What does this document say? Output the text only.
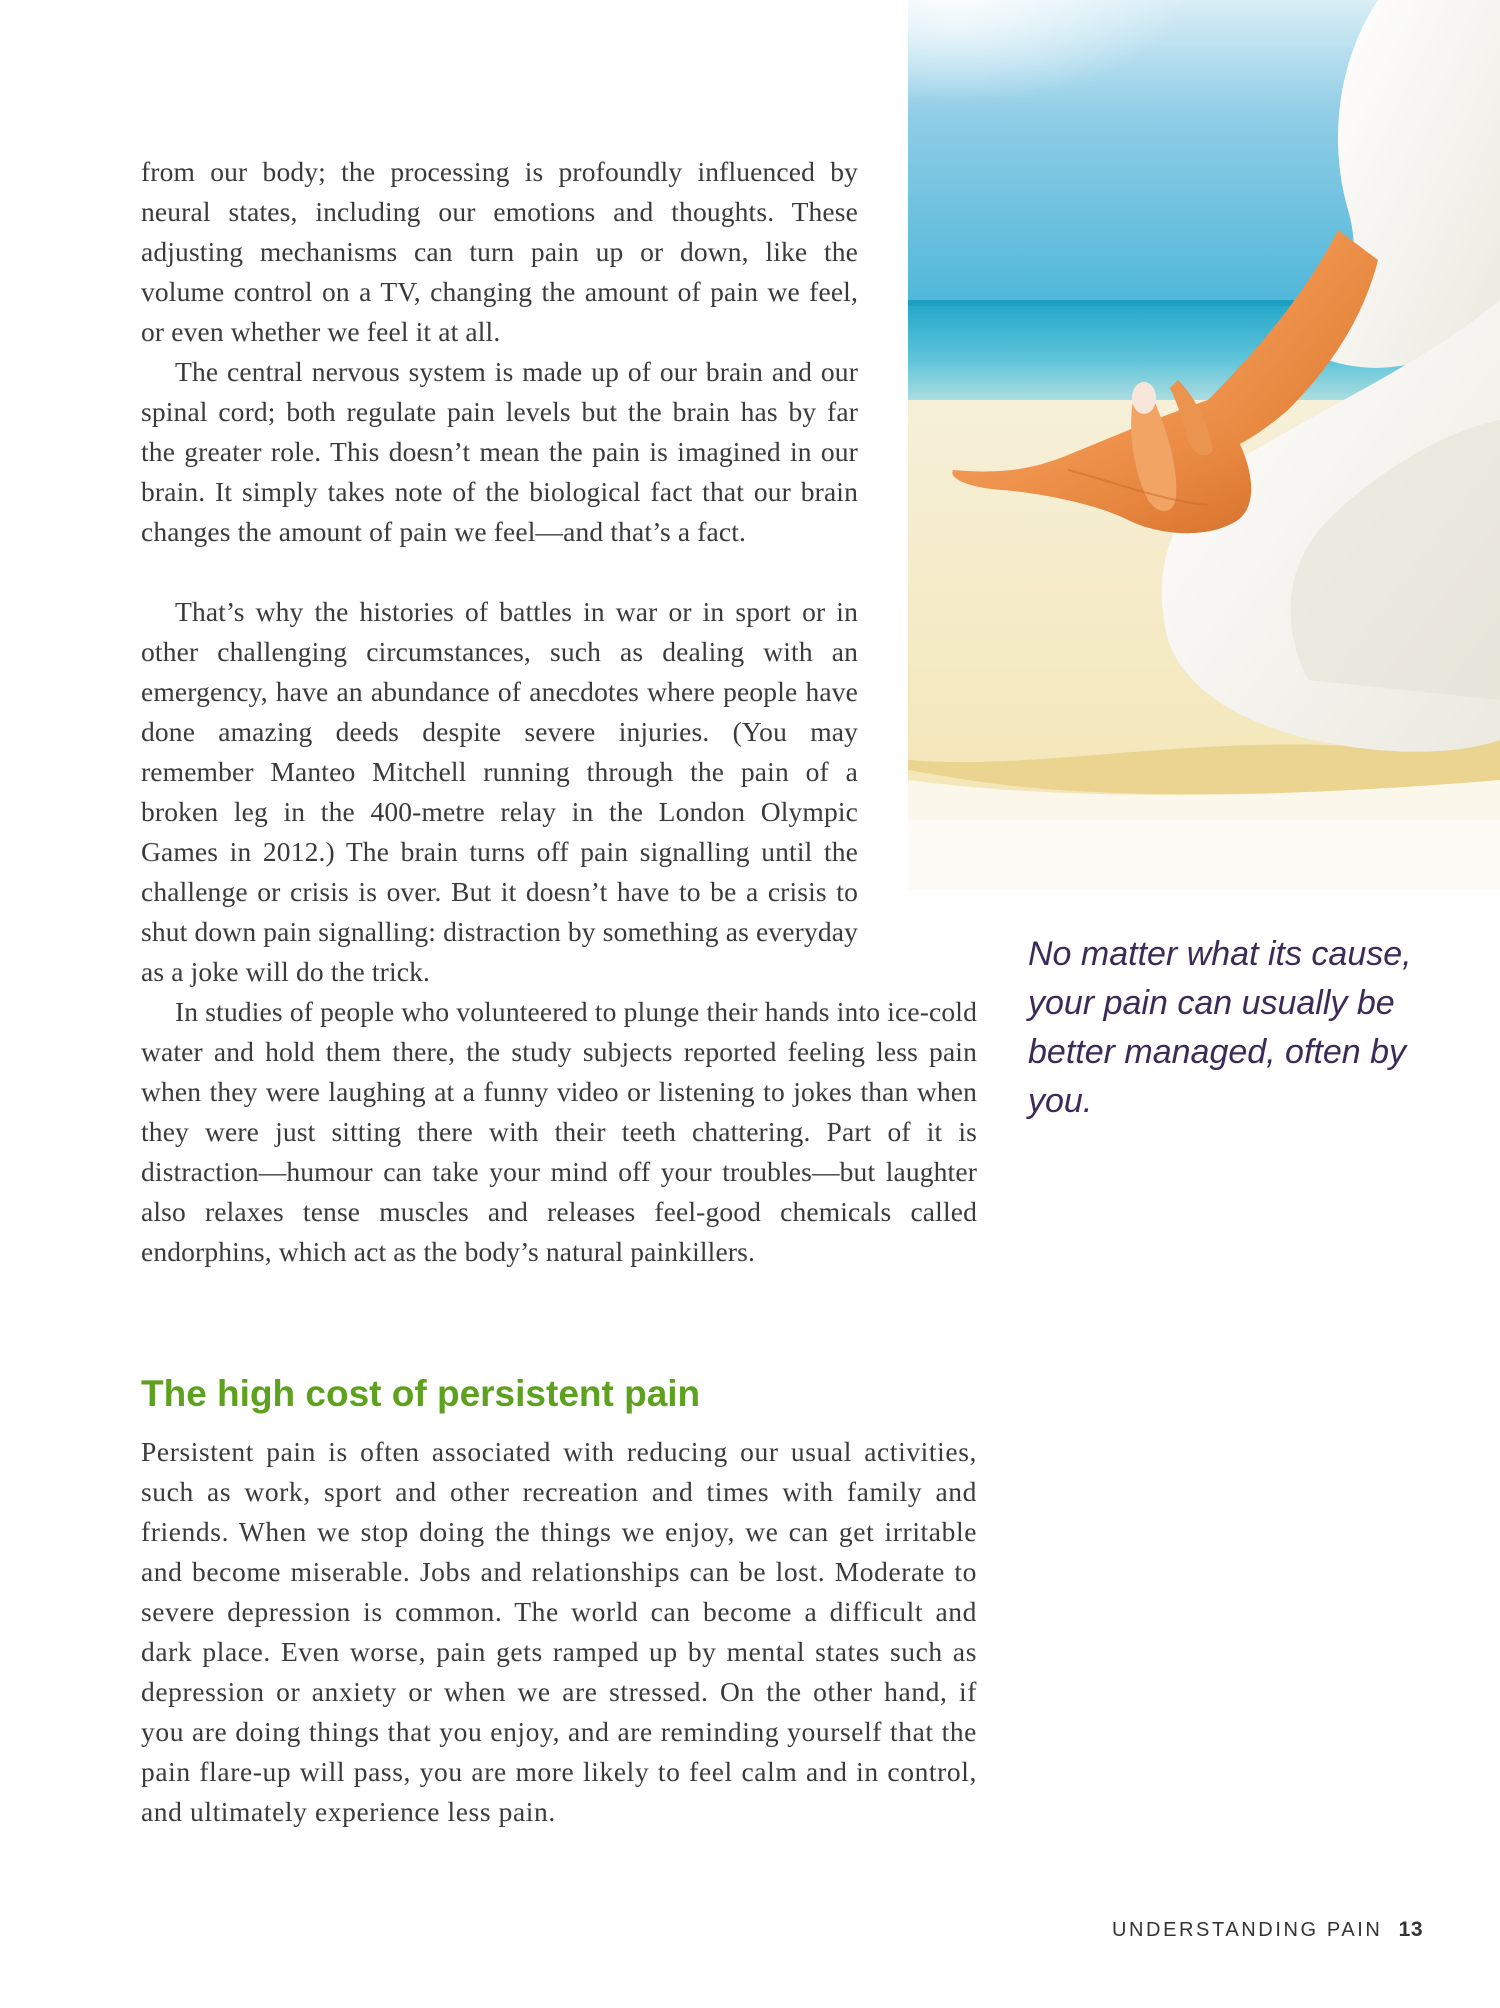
from our body; the processing is profoundly influenced by neural states, including our emotions and thoughts. These adjusting mechanisms can turn pain up or down, like the volume control on a TV, changing the amount of pain we feel, or even whether we feel it at all.

The central nervous system is made up of our brain and our spinal cord; both regulate pain levels but the brain has by far the greater role. This doesn’t mean the pain is imagined in our brain. It simply takes note of the biological fact that our brain changes the amount of pain we feel—and that’s a fact.

That’s why the histories of battles in war or in sport or in other challenging circumstances, such as dealing with an emergency, have an abundance of anecdotes where people have done amazing deeds despite severe injuries. (You may remember Manteo Mitchell running through the pain of a broken leg in the 400-metre relay in the London Olympic Games in 2012.) The brain turns off pain signalling until the challenge or crisis is over. But it doesn’t have to be a crisis to shut down pain signalling: distraction by something as everyday as a joke will do the trick.

In studies of people who volunteered to plunge their hands into ice-cold water and hold them there, the study subjects reported feeling less pain when they were laughing at a funny video or listening to jokes than when they were just sitting there with their teeth chattering. Part of it is distraction—humour can take your mind off your troubles—but laughter also relaxes tense muscles and releases feel-good chemicals called endorphins, which act as the body’s natural painkillers.

The high cost of persistent pain

Persistent pain is often associated with reducing our usual activities, such as work, sport and other recreation and times with family and friends. When we stop doing the things we enjoy, we can get irritable and become miserable. Jobs and relationships can be lost. Moderate to severe depression is common. The world can become a difficult and dark place. Even worse, pain gets ramped up by mental states such as depression or anxiety or when we are stressed. On the other hand, if you are doing things that you enjoy, and are reminding yourself that the pain flare-up will pass, you are more likely to feel calm and in control, and ultimately experience less pain.

No matter what its cause, your pain can usually be better managed, often by you.

UNDERSTANDING PAIN 13
